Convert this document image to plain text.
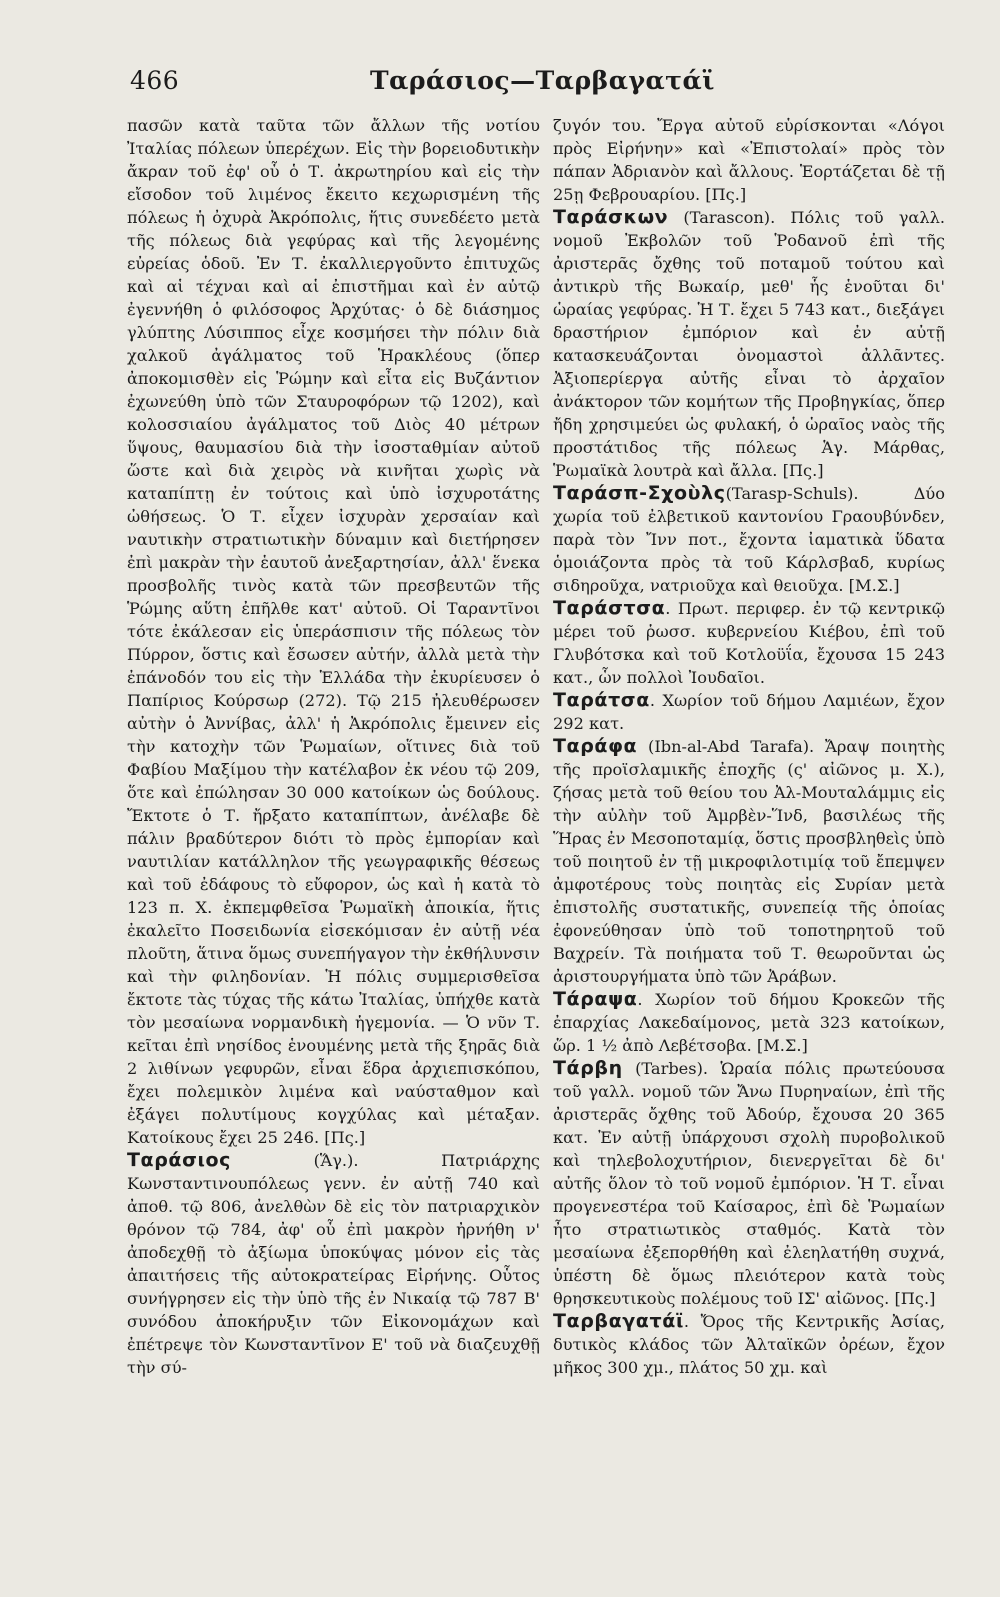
466	Ταράσιος—Ταρβαγατάϊ

πασῶν κατὰ ταῦτα τῶν ἄλλων τῆς νοτίου Ἰταλίας πόλεων ὑπερέχων. Εἰς τὴν βορειοδυτικὴν ἄκραν τοῦ ἐφ' οὗ ὁ Τ. ἀκρωτηρίου καὶ εἰς τὴν εἴσοδον τοῦ λιμένος ἔκειτο κεχωρισμένη τῆς πόλεως ἡ ὀχυρὰ Ἀκρόπολις, ἥτις συνεδέετο μετὰ τῆς πόλεως διὰ γεφύρας καὶ τῆς λεγομένης εὐρείας ὁδοῦ. Ἐν Τ. ἐκαλλιεργοῦντο ἐπιτυχῶς καὶ αἱ τέχναι καὶ αἱ ἐπιστῆμαι καὶ ἐν αὐτῷ ἐγεννήθη ὁ φιλόσοφος Ἀρχύτας· ὁ δὲ διάσημος γλύπτης Λύσιππος εἶχε κοσμήσει τὴν πόλιν διὰ χαλκοῦ ἀγάλματος τοῦ Ἡρακλέους (ὅπερ ἀποκομισθὲν εἰς Ῥώμην καὶ εἶτα εἰς Βυζάντιον ἐχωνεύθη ὑπὸ τῶν Σταυροφόρων τῷ 1202), καὶ κολοσσιαίου ἀγάλματος τοῦ Διὸς 40 μέτρων ὕψους, θαυμασίου διὰ τὴν ἰσοσταθμίαν αὐτοῦ ὥστε καὶ διὰ χειρὸς νὰ κινῆται χωρὶς νὰ καταπίπτῃ ἐν τούτοις καὶ ὑπὸ ἰσχυροτάτης ὠθήσεως. Ὁ Τ. εἶχεν ἰσχυρὰν χερσαίαν καὶ ναυτικὴν στρατιωτικὴν δύναμιν καὶ διετήρησεν ἐπὶ μακρὰν τὴν ἑαυτοῦ ἀνεξαρτησίαν, ἀλλ' ἕνεκα προσβολῆς τινὸς κατὰ τῶν πρεσβευτῶν τῆς Ῥώμης αὕτη ἐπῆλθε κατ' αὐτοῦ. Οἱ Ταραντῖνοι τότε ἐκάλεσαν εἰς ὑπεράσπισιν τῆς πόλεως τὸν Πύρρον, ὅστις καὶ ἔσωσεν αὐτήν, ἀλλὰ μετὰ τὴν ἐπάνοδόν του εἰς τὴν Ἑλλάδα τὴν ἐκυρίευσεν ὁ Παπίριος Κούρσωρ (272). Τῷ 215 ἠλευθέρωσεν αὐτὴν ὁ Ἀννίβας, ἀλλ' ἡ Ἀκρόπολις ἔμεινεν εἰς τὴν κατοχὴν τῶν Ῥωμαίων, οἵτινες διὰ τοῦ Φαβίου Μαξίμου τὴν κατέλαβον ἐκ νέου τῷ 209, ὅτε καὶ ἐπώλησαν 30 000 κατοίκων ὡς δούλους. Ἔκτοτε ὁ Τ. ἤρξατο καταπίπτων, ἀνέλαβε δὲ πάλιν βραδύτερον διότι τὸ πρὸς ἐμπορίαν καὶ ναυτιλίαν κατάλληλον τῆς γεωγραφικῆς θέσεως καὶ τοῦ ἐδάφους τὸ εὔφορον, ὡς καὶ ἡ κατὰ τὸ 123 π. Χ. ἐκπεμφθεῖσα Ῥωμαϊκὴ ἀποικία, ἥτις ἐκαλεῖτο Ποσειδωνία εἰσεκόμισαν ἐν αὐτῇ νέα πλοῦτη, ἅτινα ὅμως συνεπήγαγον τὴν ἐκθήλυνσιν καὶ τὴν φιληδονίαν. Ἡ πόλις συμμερισθεῖσα ἔκτοτε τὰς τύχας τῆς κάτω Ἰταλίας, ὑπήχθε κατὰ τὸν μεσαίωνα νορμανδικὴ ἡγεμονία. — Ὁ νῦν Τ. κεῖται ἐπὶ νησίδος ἑνουμένης μετὰ τῆς ξηρᾶς διὰ 2 λιθίνων γεφυρῶν, εἶναι ἕδρα ἀρχιεπισκόπου, ἔχει πολεμικὸν λιμένα καὶ ναύσταθμον καὶ ἐξάγει πολυτίμους κογχύλας καὶ μέταξαν. Κατοίκους ἔχει 25 246. [Πς.]

Ταράσιος (Ἅγ.). Πατριάρχης Κωνσταντινουπόλεως γενν. ἐν αὐτῇ 740 καὶ ἀποθ. τῷ 806, ἀνελθὼν δὲ εἰς τὸν πατριαρχικὸν θρόνον τῷ 784, ἀφ' οὗ ἐπὶ μακρὸν ἠρνήθη ν' ἀποδεχθῇ τὸ ἀξίωμα ὑποκύψας μόνον εἰς τὰς ἀπαιτήσεις τῆς αὐτοκρατείρας Εἰρήνης. Οὗτος συνήγρησεν εἰς τὴν ὑπὸ τῆς ἐν Νικαίᾳ τῷ 787 Β' συνόδου ἀποκήρυξιν τῶν Εἰκονομάχων καὶ ἐπέτρεψε τὸν Κωνσταντῖνον Ε' τοῦ νὰ διαζευχθῇ τὴν σύ-

ζυγόν του. Ἔργα αὐτοῦ εὑρίσκονται «Λόγοι πρὸς Εἰρήνην» καὶ «Ἐπιστολαί» πρὸς τὸν πάπαν Ἀδριανὸν καὶ ἄλλους. Ἑορτάζεται δὲ τῇ 25ῃ Φεβρουαρίου. [Πς.]

Ταράσκων (Tarascon). Πόλις τοῦ γαλλ. νομοῦ Ἐκβολῶν τοῦ Ῥοδανοῦ ἐπὶ τῆς ἀριστερᾶς ὄχθης τοῦ ποταμοῦ τούτου καὶ ἀντικρὺ τῆς Βωκαίρ, μεθ' ἧς ἑνοῦται δι' ὡραίας γεφύρας. Ἡ Τ. ἔχει 5 743 κατ., διεξάγει δραστήριον ἐμπόριον καὶ ἐν αὐτῇ κατασκευάζονται ὀνομαστοὶ ἀλλᾶντες. Ἀξιοπερίεργα αὐτῆς εἶναι τὸ ἀρχαῖον ἀνάκτορον τῶν κομήτων τῆς Προβηγκίας, ὅπερ ἤδη χρησιμεύει ὡς φυλακή, ὁ ὡραῖος ναὸς τῆς προστάτιδος τῆς πόλεως Ἁγ. Μάρθας, Ῥωμαϊκὰ λουτρὰ καὶ ἄλλα. [Πς.]

Ταράσπ-Σχοὺλς(Tarasp-Schuls). Δύο χωρία τοῦ ἐλβετικοῦ καντονίου Γραουβύνδεν, παρὰ τὸν Ἴνν ποτ., ἔχοντα ἰαματικὰ ὕδατα ὁμοιάζοντα πρὸς τὰ τοῦ Κάρλσβαδ, κυρίως σιδηροῦχα, νατριοῦχα καὶ θειοῦχα. [Μ.Σ.]

Ταράστσα. Πρωτ. περιφερ. ἐν τῷ κεντρικῷ μέρει τοῦ ῥωσσ. κυβερνείου Κιέβου, ἐπὶ τοῦ Γλυβότσκα καὶ τοῦ Κοτλοϋΐα, ἔχουσα 15 243 κατ., ὧν πολλοὶ Ἰουδαῖοι.

Ταράτσα. Χωρίον τοῦ δήμου Λαμιέων, ἔχον 292 κατ.

Ταράφα (Ibn-al-Abd Tarafa). Ἄραψ ποιητὴς τῆς προϊσλαμικῆς ἐποχῆς (ς' αἰῶνος μ. Χ.), ζήσας μετὰ τοῦ θείου του Ἀλ-Μουταλάμμις εἰς τὴν αὐλὴν τοῦ Ἀμρβὲν-Ἵνδ, βασιλέως τῆς Ἥρας ἐν Μεσοποταμίᾳ, ὅστις προσβληθεὶς ὑπὸ τοῦ ποιητοῦ ἐν τῇ μικροφιλοτιμίᾳ τοῦ ἔπεμψεν ἀμφοτέρους τοὺς ποιητὰς εἰς Συρίαν μετὰ ἐπιστολῆς συστατικῆς, συνεπείᾳ τῆς ὁποίας ἐφονεύθησαν ὑπὸ τοῦ τοποτηρητοῦ τοῦ Βαχρείν. Τὰ ποιήματα τοῦ Τ. θεωροῦνται ὡς ἀριστουργήματα ὑπὸ τῶν Ἀράβων.

Τάραψα. Χωρίον τοῦ δήμου Κροκεῶν τῆς ἐπαρχίας Λακεδαίμονος, μετὰ 323 κατοίκων, ὥρ. 1 ½ ἀπὸ Λεβέτσοβα. [Μ.Σ.]

Τάρβη (Tarbes). Ὡραία πόλις πρωτεύουσα τοῦ γαλλ. νομοῦ τῶν Ἄνω Πυρηναίων, ἐπὶ τῆς ἀριστερᾶς ὄχθης τοῦ Ἀδούρ, ἔχουσα 20 365 κατ. Ἐν αὐτῇ ὑπάρχουσι σχολὴ πυροβολικοῦ καὶ τηλεβολοχυτήριον, διενεργεῖται δὲ δι' αὐτῆς ὅλον τὸ τοῦ νομοῦ ἐμπόριον. Ἡ Τ. εἶναι προγενεστέρα τοῦ Καίσαρος, ἐπὶ δὲ Ῥωμαίων ἦτο στρατιωτικὸς σταθμός. Κατὰ τὸν μεσαίωνα ἐξεπορθήθη καὶ ἐλεηλατήθη συχνά, ὑπέστη δὲ ὅμως πλειότερον κατὰ τοὺς θρησκευτικοὺς πολέμους τοῦ ΙΣ' αἰῶνος. [Πς.]

Ταρβαγατάϊ. Ὄρος τῆς Κεντρικῆς Ἀσίας, δυτικὸς κλάδος τῶν Ἀλταϊκῶν ὀρέων, ἔχον μῆκος 300 χμ., πλάτος 50 χμ. καὶ
